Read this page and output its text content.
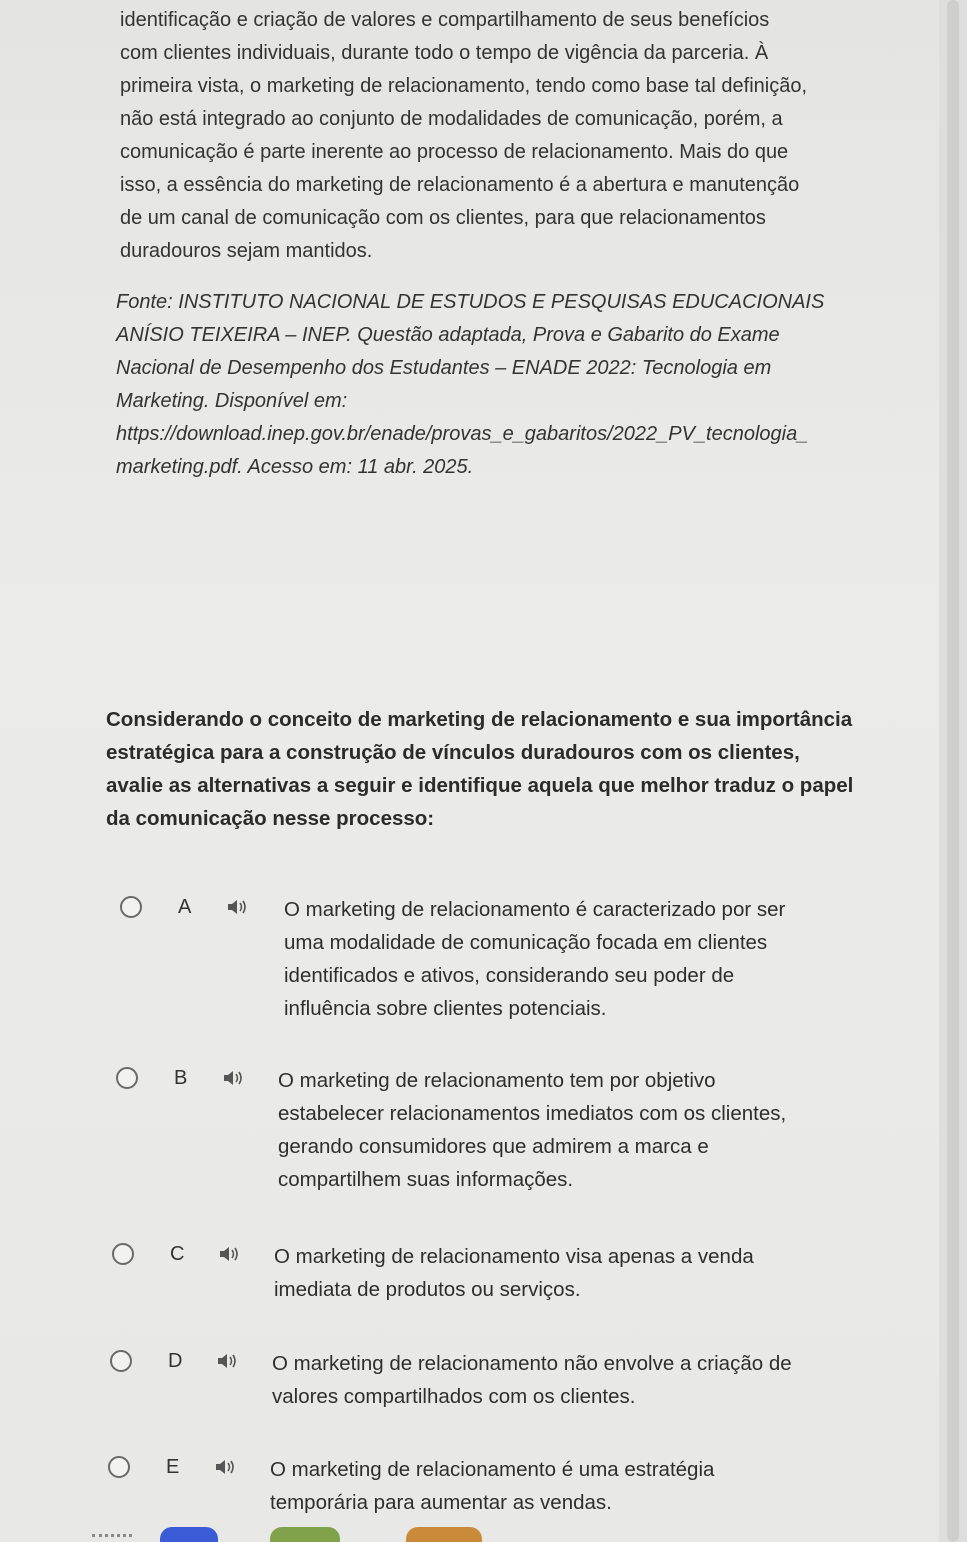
identificação e criação de valores e compartilhamento de seus benefícios

com clientes individuais, durante todo o tempo de vigência da parceria. À

primeira vista, o marketing de relacionamento, tendo como base tal definição,

não está integrado ao conjunto de modalidades de comunicação, porém, a

comunicação é parte inerente ao processo de relacionamento. Mais do que

isso, a essência do marketing de relacionamento é a abertura e manutenção

de um canal de comunicação com os clientes, para que relacionamentos

duradouros sejam mantidos.

Fonte: INSTITUTO NACIONAL DE ESTUDOS E PESQUISAS EDUCACIONAIS

ANÍSIO TEIXEIRA – INEP. Questão adaptada, Prova e Gabarito do Exame

Nacional de Desempenho dos Estudantes – ENADE 2022: Tecnologia em

Marketing. Disponível em:

https://download.inep.gov.br/enade/provas_e_gabaritos/2022_PV_tecnologia_

marketing.pdf. Acesso em: 11 abr. 2025.

Considerando o conceito de marketing de relacionamento e sua importância

estratégica para a construção de vínculos duradouros com os clientes,

avalie as alternativas a seguir e identifique aquela que melhor traduz o papel

da comunicação nesse processo:

A	O marketing de relacionamento é caracterizado por ser
uma modalidade de comunicação focada em clientes
identificados e ativos, considerando seu poder de
influência sobre clientes potenciais.
B	O marketing de relacionamento tem por objetivo
estabelecer relacionamentos imediatos com os clientes,
gerando consumidores que admirem a marca e
compartilhem suas informações.
C	O marketing de relacionamento visa apenas a venda
imediata de produtos ou serviços.
D	O marketing de relacionamento não envolve a criação de
valores compartilhados com os clientes.
E	O marketing de relacionamento é uma estratégia
temporária para aumentar as vendas.
